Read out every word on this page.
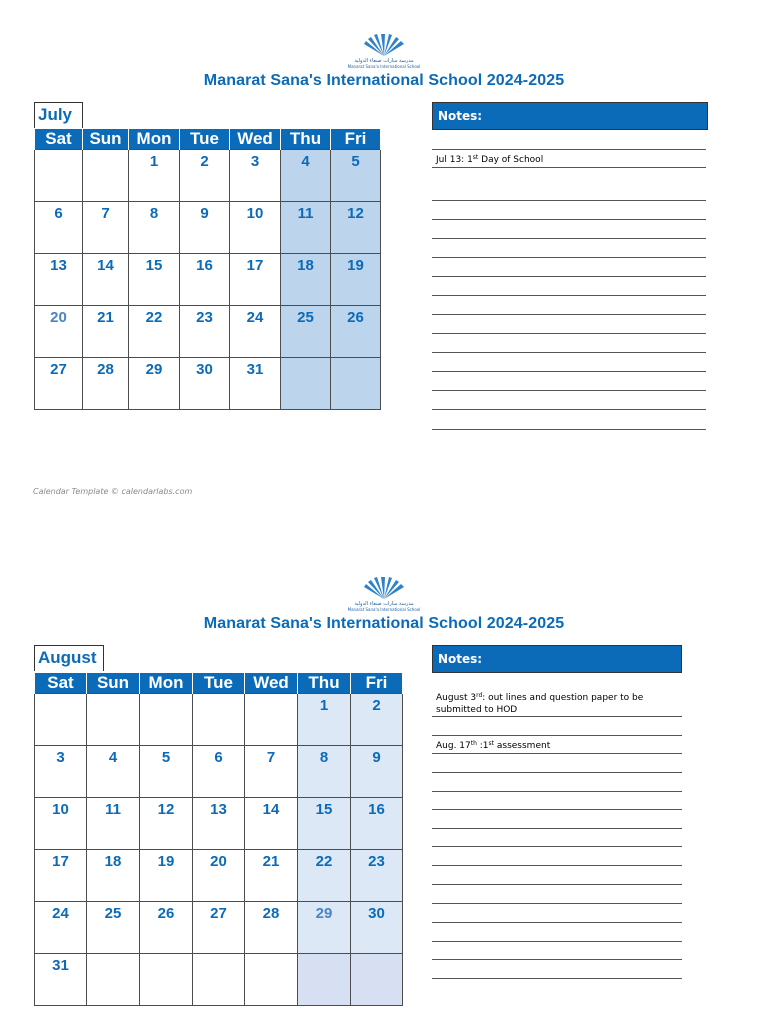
مدرسة منارات صنعاء الدولية
Manarat Sana'a International School
Manarat Sana's International School 2024-2025
July
Sat	Sun	Mon	Tue	Wed	Thu	Fri

		1	2	3	4	5

6	7	8	9	10	11	12

13	14	15	16	17	18	19

20	21	22	23	24	25	26

27	28	29	30	31		

Notes:
Jul 13: 1st Day of School
Calendar Template © calendarlabs.com
مدرسة منارات صنعاء الدولية
Manarat Sana'a International School
Manarat Sana's International School 2024-2025
August
Sat	Sun	Mon	Tue	Wed	Thu	Fri

					1	2

3	4	5	6	7	8	9

10	11	12	13	14	15	16

17	18	19	20	21	22	23

24	25	26	27	28	29	30

31						

Notes:
August 3rd: out lines and question paper to be submitted to HOD
Aug. 17th :1st assessment
